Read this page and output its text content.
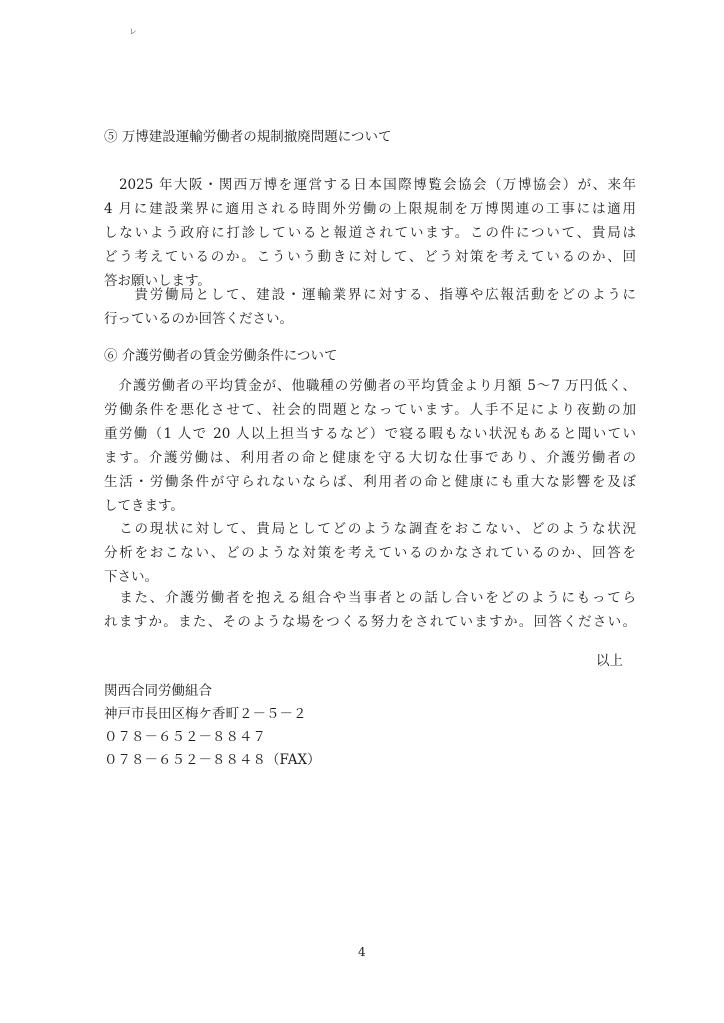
ㇾ
⑤ 万博建設運輸労働者の規制撤廃問題について
　2025 年大阪・関西万博を運営する日本国際博覧会協会（万博協会）が、来年
4 月に建設業界に適用される時間外労働の上限規制を万博関連の工事には適用
しないよう政府に打診していると報道されています。この件について、貴局は
どう考えているのか。こういう動きに対して、どう対策を考えているのか、回
答お願いします。
　　貴労働局として、建設・運輸業界に対する、指導や広報活動をどのように
行っているのか回答ください。
⑥ 介護労働者の賃金労働条件について
　介護労働者の平均賃金が、他職種の労働者の平均賃金より月額 5〜7 万円低く、
労働条件を悪化させて、社会的問題となっています。人手不足により夜勤の加
重労働（1 人で 20 人以上担当するなど）で寝る暇もない状況もあると聞いてい
ます。介護労働は、利用者の命と健康を守る大切な仕事であり、介護労働者の
生活・労働条件が守られないならば、利用者の命と健康にも重大な影響を及ぼ
してきます。
　この現状に対して、貴局としてどのような調査をおこない、どのような状況
分析をおこない、どのような対策を考えているのかなされているのか、回答を
下さい。
　また、介護労働者を抱える組合や当事者との話し合いをどのようにもってら
れますか。また、そのような場をつくる努力をされていますか。回答ください。
以上
関西合同労働組合
神戸市長田区梅ケ香町２－５－２
０７８－６５２－８８４７
０７８－６５２－８８４８（FAX）
4
